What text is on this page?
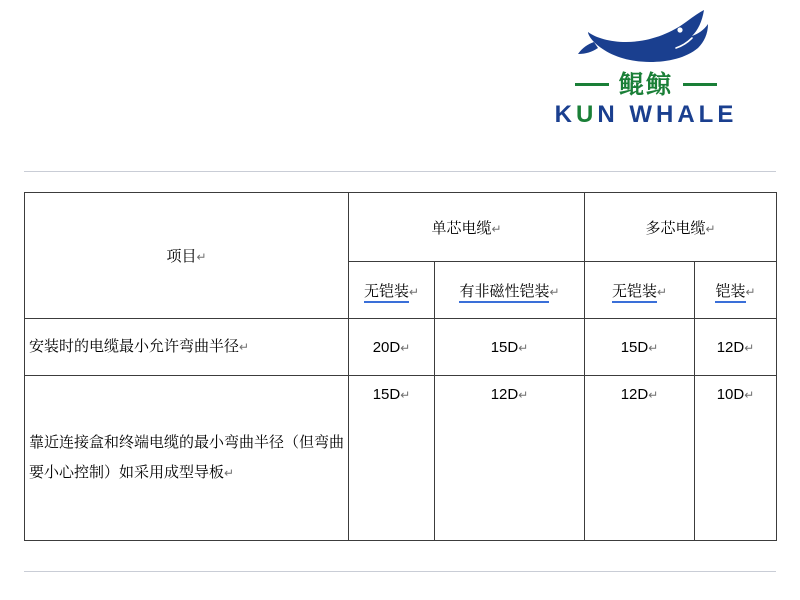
鲲鲸
KUN WHALE
项目↵	单芯电缆↵		多芯电缆↵	
	无铠装↵	有非磁性铠装↵	无铠装↵	铠装↵
安装时的电缆最小允许弯曲半径↵	20D↵	15D↵	15D↵	12D↵
靠近连接盒和终端电缆的最小弯曲半径（但弯曲要小心控制）如采用成型导板↵	15D↵	12D↵	12D↵	10D↵
